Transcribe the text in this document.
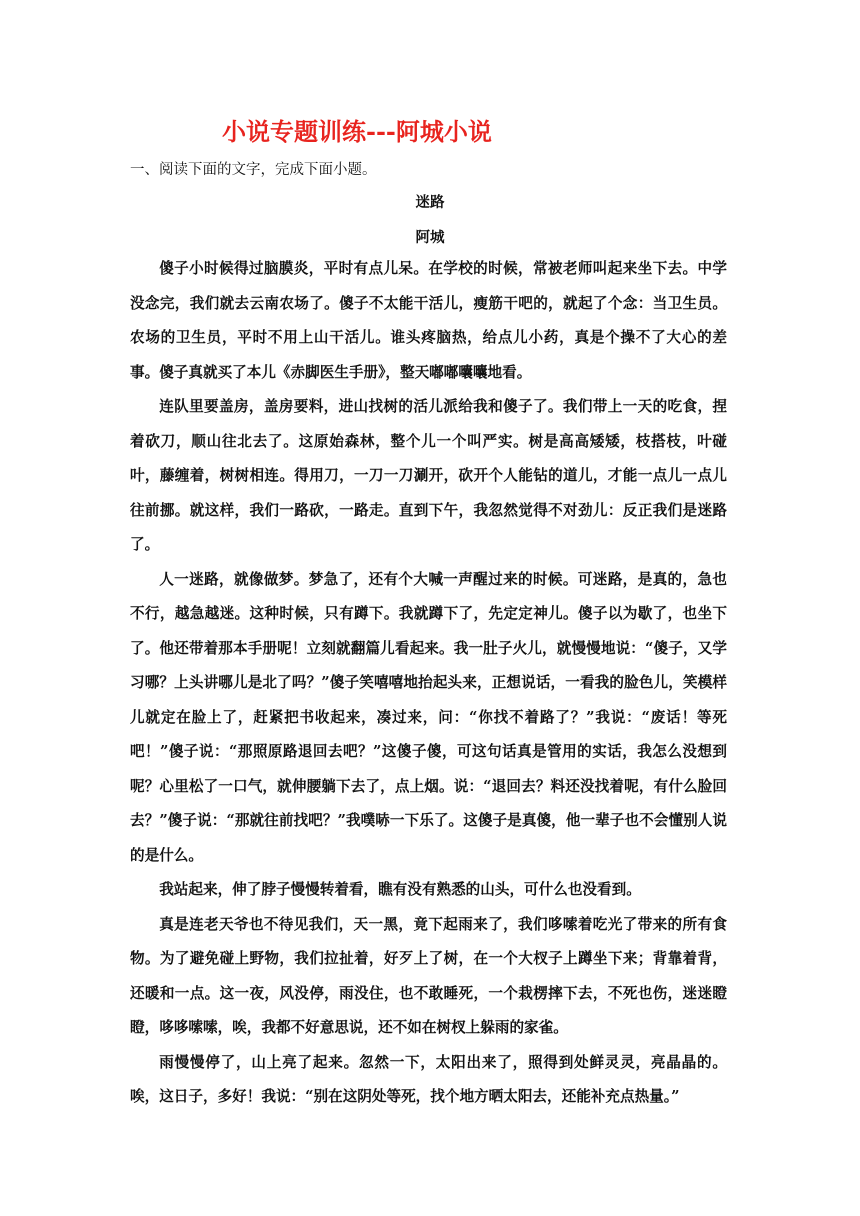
小说专题训练---阿城小说
一、阅读下面的文字，完成下面小题。
迷路
阿城

傻子小时候得过脑膜炎，平时有点儿呆。在学校的时候，常被老师叫起来坐下去。中学没念完，我们就去云南农场了。傻子不太能干活儿，瘦筋干吧的，就起了个念：当卫生员。农场的卫生员，平时不用上山干活儿。谁头疼脑热，给点儿小药，真是个操不了大心的差事。傻子真就买了本儿《赤脚医生手册》，整天嘟嘟囔囔地看。

连队里要盖房，盖房要料，进山找树的活儿派给我和傻子了。我们带上一天的吃食，捏着砍刀，顺山往北去了。这原始森林，整个儿一个叫严实。树是高高矮矮，枝搭枝，叶碰叶，藤缠着，树树相连。得用刀，一刀一刀涮开，砍开个人能钻的道儿，才能一点儿一点儿往前挪。就这样，我们一路砍，一路走。直到下午，我忽然觉得不对劲儿：反正我们是迷路了。

人一迷路，就像做梦。梦急了，还有个大喊一声醒过来的时候。可迷路，是真的，急也不行，越急越迷。这种时候，只有蹲下。我就蹲下了，先定定神儿。傻子以为歇了，也坐下了。他还带着那本手册呢！立刻就翻篇儿看起来。我一肚子火儿，就慢慢地说：“傻子，又学习哪？上头讲哪儿是北了吗？”傻子笑嘻嘻地抬起头来，正想说话，一看我的脸色儿，笑模样儿就定在脸上了，赶紧把书收起来，凑过来，问：“你找不着路了？”我说：“废话！等死吧！”傻子说：“那照原路退回去吧？”这傻子傻，可这句话真是管用的实话，我怎么没想到呢？心里松了一口气，就伸腰躺下去了，点上烟。说：“退回去？料还没找着呢，有什么脸回去？”傻子说：“那就往前找吧？”我噗哧一下乐了。这傻子是真傻，他一辈子也不会懂别人说的是什么。

我站起来，伸了脖子慢慢转着看，瞧有没有熟悉的山头，可什么也没看到。

真是连老天爷也不待见我们，天一黑，竟下起雨来了，我们哆嗦着吃光了带来的所有食物。为了避免碰上野物，我们拉扯着，好歹上了树，在一个大杈子上蹲坐下来；背靠着背，还暖和一点。这一夜，风没停，雨没住，也不敢睡死，一个栽楞摔下去，不死也伤，迷迷瞪瞪，哆哆嗦嗦，唉，我都不好意思说，还不如在树杈上躲雨的家雀。

雨慢慢停了，山上亮了起来。忽然一下，太阳出来了，照得到处鲜灵灵，亮晶晶的。唉，这日子，多好！我说：“别在这阴处等死，找个地方晒太阳去，还能补充点热量。”
